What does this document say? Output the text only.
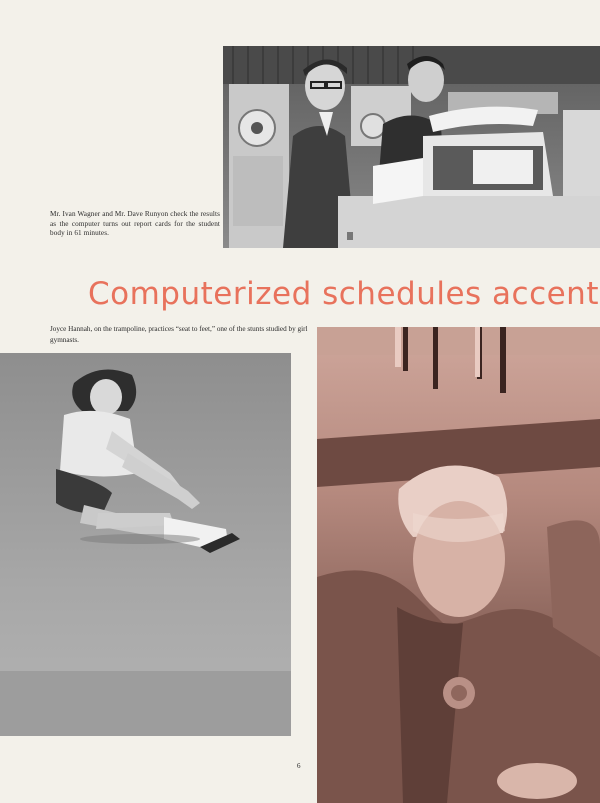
Mr. Ivan Wagner and Mr. Dave Runyon check the results as the computer turns out report cards for the student body in 61 minutes.
Computerized schedules accent
Joyce Hannah, on the trampoline, practices “seat to feet,” one of the stunts studied by girl gymnasts.
6
